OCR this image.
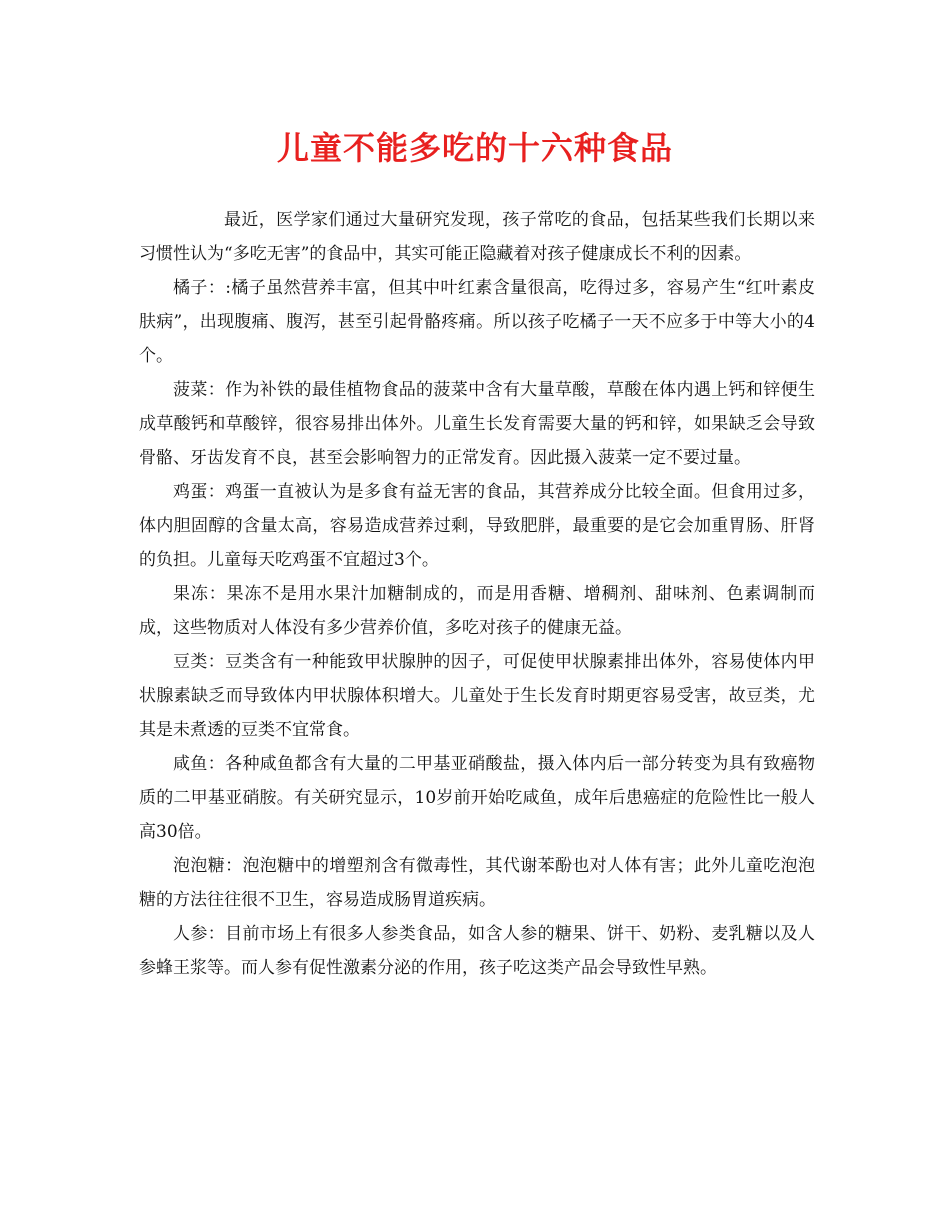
儿童不能多吃的十六种食品

最近，医学家们通过大量研究发现，孩子常吃的食品，包括某些我们长期以来习惯性认为“多吃无害”的食品中，其实可能正隐藏着对孩子健康成长不利的因素。

橘子：:橘子虽然营养丰富，但其中叶红素含量很高，吃得过多，容易产生“红叶素皮肤病”，出现腹痛、腹泻，甚至引起骨骼疼痛。所以孩子吃橘子一天不应多于中等大小的4个。

菠菜：作为补铁的最佳植物食品的菠菜中含有大量草酸，草酸在体内遇上钙和锌便生成草酸钙和草酸锌，很容易排出体外。儿童生长发育需要大量的钙和锌，如果缺乏会导致骨骼、牙齿发育不良，甚至会影响智力的正常发育。因此摄入菠菜一定不要过量。

鸡蛋：鸡蛋一直被认为是多食有益无害的食品，其营养成分比较全面。但食用过多，体内胆固醇的含量太高，容易造成营养过剩，导致肥胖，最重要的是它会加重胃肠、肝肾的负担。儿童每天吃鸡蛋不宜超过3个。

果冻：果冻不是用水果汁加糖制成的，而是用香糖、增稠剂、甜味剂、色素调制而成，这些物质对人体没有多少营养价值，多吃对孩子的健康无益。

豆类：豆类含有一种能致甲状腺肿的因子，可促使甲状腺素排出体外，容易使体内甲状腺素缺乏而导致体内甲状腺体积增大。儿童处于生长发育时期更容易受害，故豆类，尤其是未煮透的豆类不宜常食。

咸鱼：各种咸鱼都含有大量的二甲基亚硝酸盐，摄入体内后一部分转变为具有致癌物质的二甲基亚硝胺。有关研究显示，10岁前开始吃咸鱼，成年后患癌症的危险性比一般人高30倍。

泡泡糖：泡泡糖中的增塑剂含有微毒性，其代谢苯酚也对人体有害；此外儿童吃泡泡糖的方法往往很不卫生，容易造成肠胃道疾病。

人参：目前市场上有很多人参类食品，如含人参的糖果、饼干、奶粉、麦乳糖以及人参蜂王浆等。而人参有促性激素分泌的作用，孩子吃这类产品会导致性早熟。
